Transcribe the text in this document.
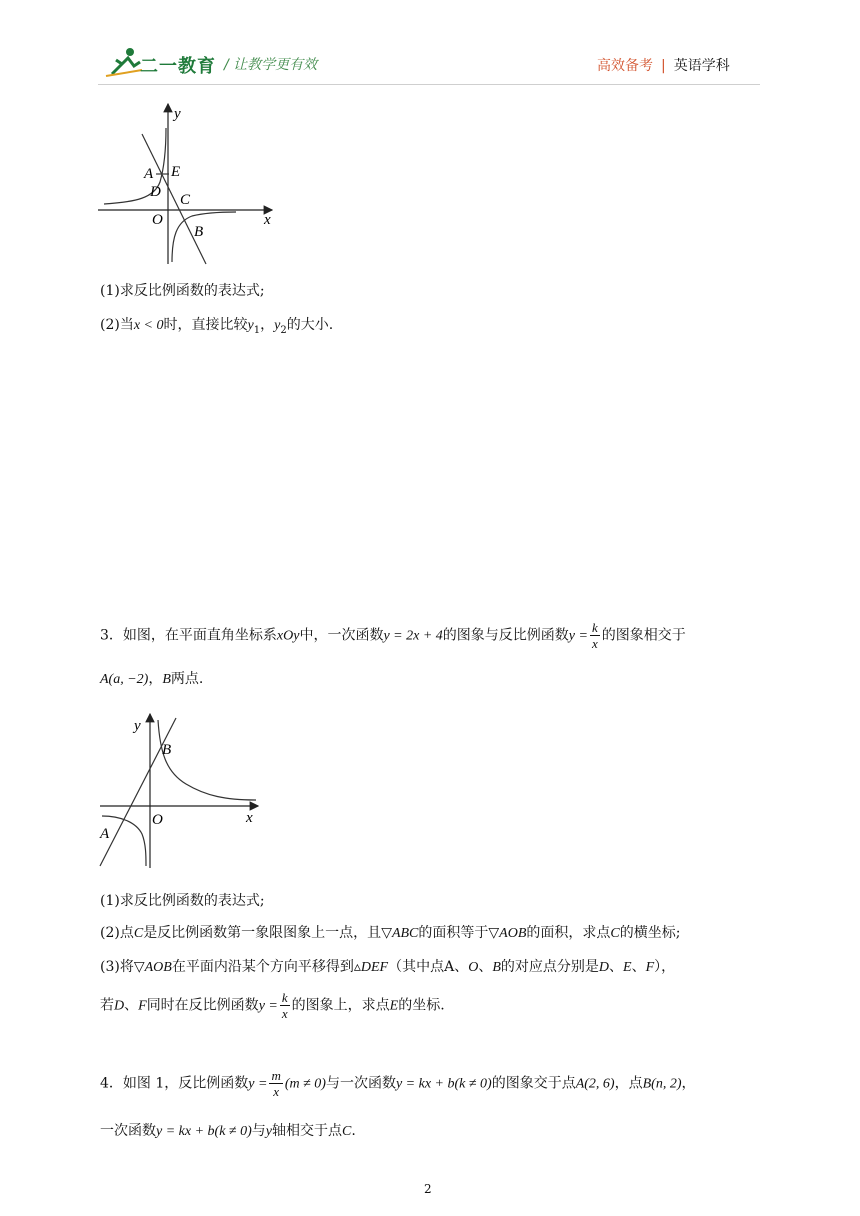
二一教育 / 让教学更有效	高效备考 | 英语学科
y
x
A E
D C
O
B
(1)求反比例函数的表达式;
(2)当x < 0时，直接比较$y_1$，$y_2$的大小.
3．如图，在平面直角坐标系xOy中，一次函数y = 2x + 4的图象与反比例函数$y = \frac{k}{x}$ 的图象相交于
A(a, −2)，B两点.
y
x
B
O
A
(1)求反比例函数的表达式;
(2)点C是反比例函数第一象限图象上一点，且▽ABC的面积等于▽AOB的面积，求点C的横坐标;
(3)将▽AOB在平面内沿某个方向平移得到▵DEF（其中点A、O、B的对应点分别是D、E、F），
若D、F同时在反比例函数$y = \frac{k}{x}$ 的图象上，求点E的坐标.
4．如图 1，反比例函数$y = \frac{m}{x} (m \ne 0)$与一次函数y = kx + b(k ≠ 0)的图象交于点A(2, 6)，点B(n, 2)，
一次函数y = kx + b(k ≠ 0)与y轴相交于点C.
2
